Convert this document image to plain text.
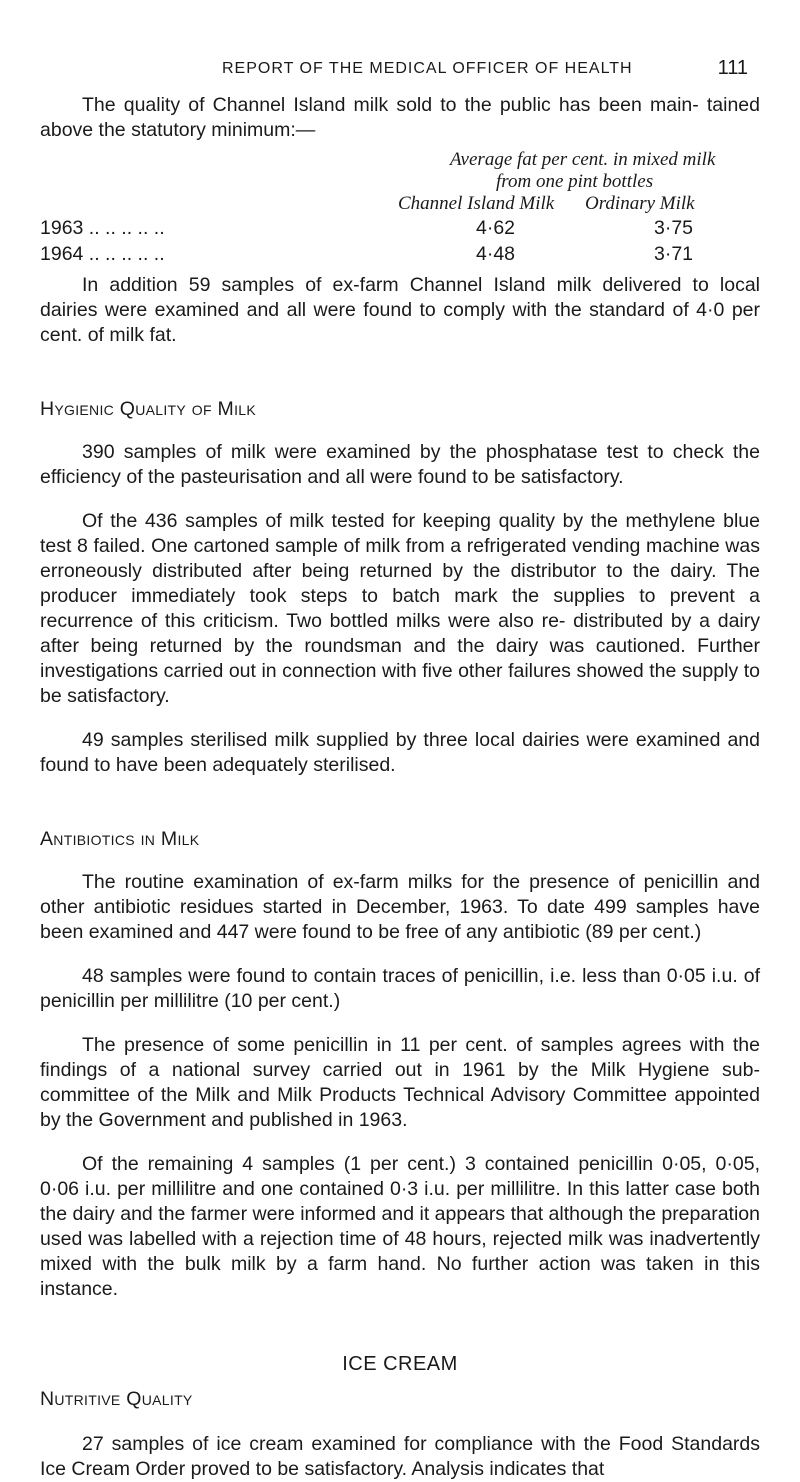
REPORT OF THE MEDICAL OFFICER OF HEALTH	111

The quality of Channel Island milk sold to the public has been main- tained above the statutory minimum:—

Average fat per cent. in mixed milk
from one pint bottles
Channel Island Milk	Ordinary Milk
1963 .. .. .. .. ..	4·62	3·75
1964 .. .. .. .. ..	4·48	3·71

In addition 59 samples of ex-farm Channel Island milk delivered to local dairies were examined and all were found to comply with the standard of 4·0 per cent. of milk fat.

Hygienic Quality of Milk

390 samples of milk were examined by the phosphatase test to check the efficiency of the pasteurisation and all were found to be satisfactory.

Of the 436 samples of milk tested for keeping quality by the methylene blue test 8 failed. One cartoned sample of milk from a refrigerated vending machine was erroneously distributed after being returned by the distributor to the dairy. The producer immediately took steps to batch mark the supplies to prevent a recurrence of this criticism. Two bottled milks were also re- distributed by a dairy after being returned by the roundsman and the dairy was cautioned. Further investigations carried out in connection with five other failures showed the supply to be satisfactory.

49 samples sterilised milk supplied by three local dairies were examined and found to have been adequately sterilised.

Antibiotics in Milk

The routine examination of ex-farm milks for the presence of penicillin and other antibiotic residues started in December, 1963. To date 499 samples have been examined and 447 were found to be free of any antibiotic (89 per cent.)

48 samples were found to contain traces of penicillin, i.e. less than 0·05 i.u. of penicillin per millilitre (10 per cent.)

The presence of some penicillin in 11 per cent. of samples agrees with the findings of a national survey carried out in 1961 by the Milk Hygiene sub- committee of the Milk and Milk Products Technical Advisory Committee appointed by the Government and published in 1963.

Of the remaining 4 samples (1 per cent.) 3 contained penicillin 0·05, 0·05, 0·06 i.u. per millilitre and one contained 0·3 i.u. per millilitre. In this latter case both the dairy and the farmer were informed and it appears that although the preparation used was labelled with a rejection time of 48 hours, rejected milk was inadvertently mixed with the bulk milk by a farm hand. No further action was taken in this instance.

ICE CREAM
Nutritive Quality

27 samples of ice cream examined for compliance with the Food Standards Ice Cream Order proved to be satisfactory. Analysis indicates that
